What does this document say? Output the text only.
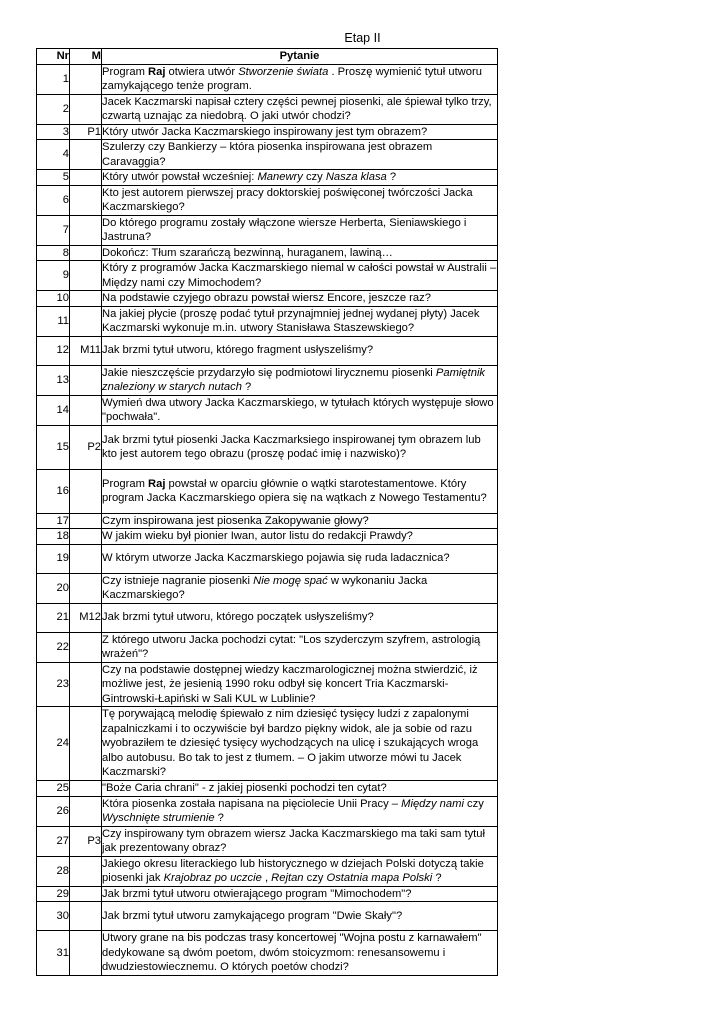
Etap II
Nr	M	Pytanie
1		Program Raj otwiera utwór Stworzenie świata . Proszę wymienić tytuł utworu zamykającego tenże program.
2		Jacek Kaczmarski napisał cztery części pewnej piosenki, ale śpiewał tylko trzy, czwartą uznając za niedobrą. O jaki utwór chodzi?
3	P1	Który utwór Jacka Kaczmarskiego inspirowany jest tym obrazem?
4		Szulerzy czy Bankierzy – która piosenka inspirowana jest obrazem Caravaggia?
5		Który utwór powstał wcześniej: Manewry czy Nasza klasa ?
6		Kto jest autorem pierwszej pracy doktorskiej poświęconej twórczości Jacka Kaczmarskiego?
7		Do którego programu zostały włączone wiersze Herberta, Sieniawskiego i Jastruna?
8		Dokończ: Tłum szarańczą bezwinną, huraganem, lawiną…
9		Który z programów Jacka Kaczmarskiego niemal w całości powstał w Australii – Między nami czy Mimochodem?
10		Na podstawie czyjego obrazu powstał wiersz Encore, jeszcze raz?
11		Na jakiej płycie (proszę podać tytuł przynajmniej jednej wydanej płyty) Jacek Kaczmarski wykonuje m.in. utwory Stanisława Staszewskiego?
12	M11	Jak brzmi tytuł utworu, którego fragment usłyszeliśmy?
13		Jakie nieszczęście przydarzyło się podmiotowi lirycznemu piosenki Pamiętnik znaleziony w starych nutach ?
14		Wymień dwa utwory Jacka Kaczmarskiego, w tytułach których występuje słowo "pochwała".
15	P2	Jak brzmi tytuł piosenki Jacka Kaczmarksiego inspirowanej tym obrazem lub kto jest autorem tego obrazu (proszę podać imię i nazwisko)?
16		Program Raj powstał w oparciu głównie o wątki starotestamentowe. Który program Jacka Kaczmarskiego opiera się na wątkach z Nowego Testamentu?
17		Czym inspirowana jest piosenka Zakopywanie głowy?
18		W jakim wieku był pionier Iwan, autor listu do redakcji Prawdy?
19		W którym utworze Jacka Kaczmarskiego pojawia się ruda ladacznica?
20		Czy istnieje nagranie piosenki Nie mogę spać w wykonaniu Jacka Kaczmarskiego?
21	M12	Jak brzmi tytuł utworu, którego początek usłyszeliśmy?
22		Z którego utworu Jacka pochodzi cytat: "Los szyderczym szyfrem, astrologią wrażeń"?
23		Czy na podstawie dostępnej wiedzy kaczmarologicznej można stwierdzić, iż możliwe jest, że jesienią 1990 roku odbył się koncert Tria Kaczmarski-Gintrowski-Łapiński w Sali KUL w Lublinie?
24		Tę porywającą melodię śpiewało z nim dziesięć tysięcy ludzi z zapalonymi zapalniczkami i to oczywiście był bardzo piękny widok, ale ja sobie od razu wyobraziłem te dziesięć tysięcy wychodzących na ulicę i szukających wroga albo autobusu. Bo tak to jest z tłumem. – O jakim utworze mówi tu Jacek Kaczmarski?
25		"Boże Caria chrani" - z jakiej piosenki pochodzi ten cytat?
26		Która piosenka została napisana na pięciolecie Unii Pracy – Między nami czy Wyschnięte strumienie ?
27	P3	Czy inspirowany tym obrazem wiersz Jacka Kaczmarskiego ma taki sam tytuł jak prezentowany obraz?
28		Jakiego okresu literackiego lub historycznego w dziejach Polski dotyczą takie piosenki jak Krajobraz po uczcie , Rejtan czy Ostatnia mapa Polski ?
29		Jak brzmi tytuł utworu otwierającego program "Mimochodem"?
30		Jak brzmi tytuł utworu zamykającego program "Dwie Skały"?
31		Utwory grane na bis podczas trasy koncertowej "Wojna postu z karnawałem" dedykowane są dwóm poetom, dwóm stoicyzmom: renesansowemu i dwudziestowiecznemu. O których poetów chodzi?
